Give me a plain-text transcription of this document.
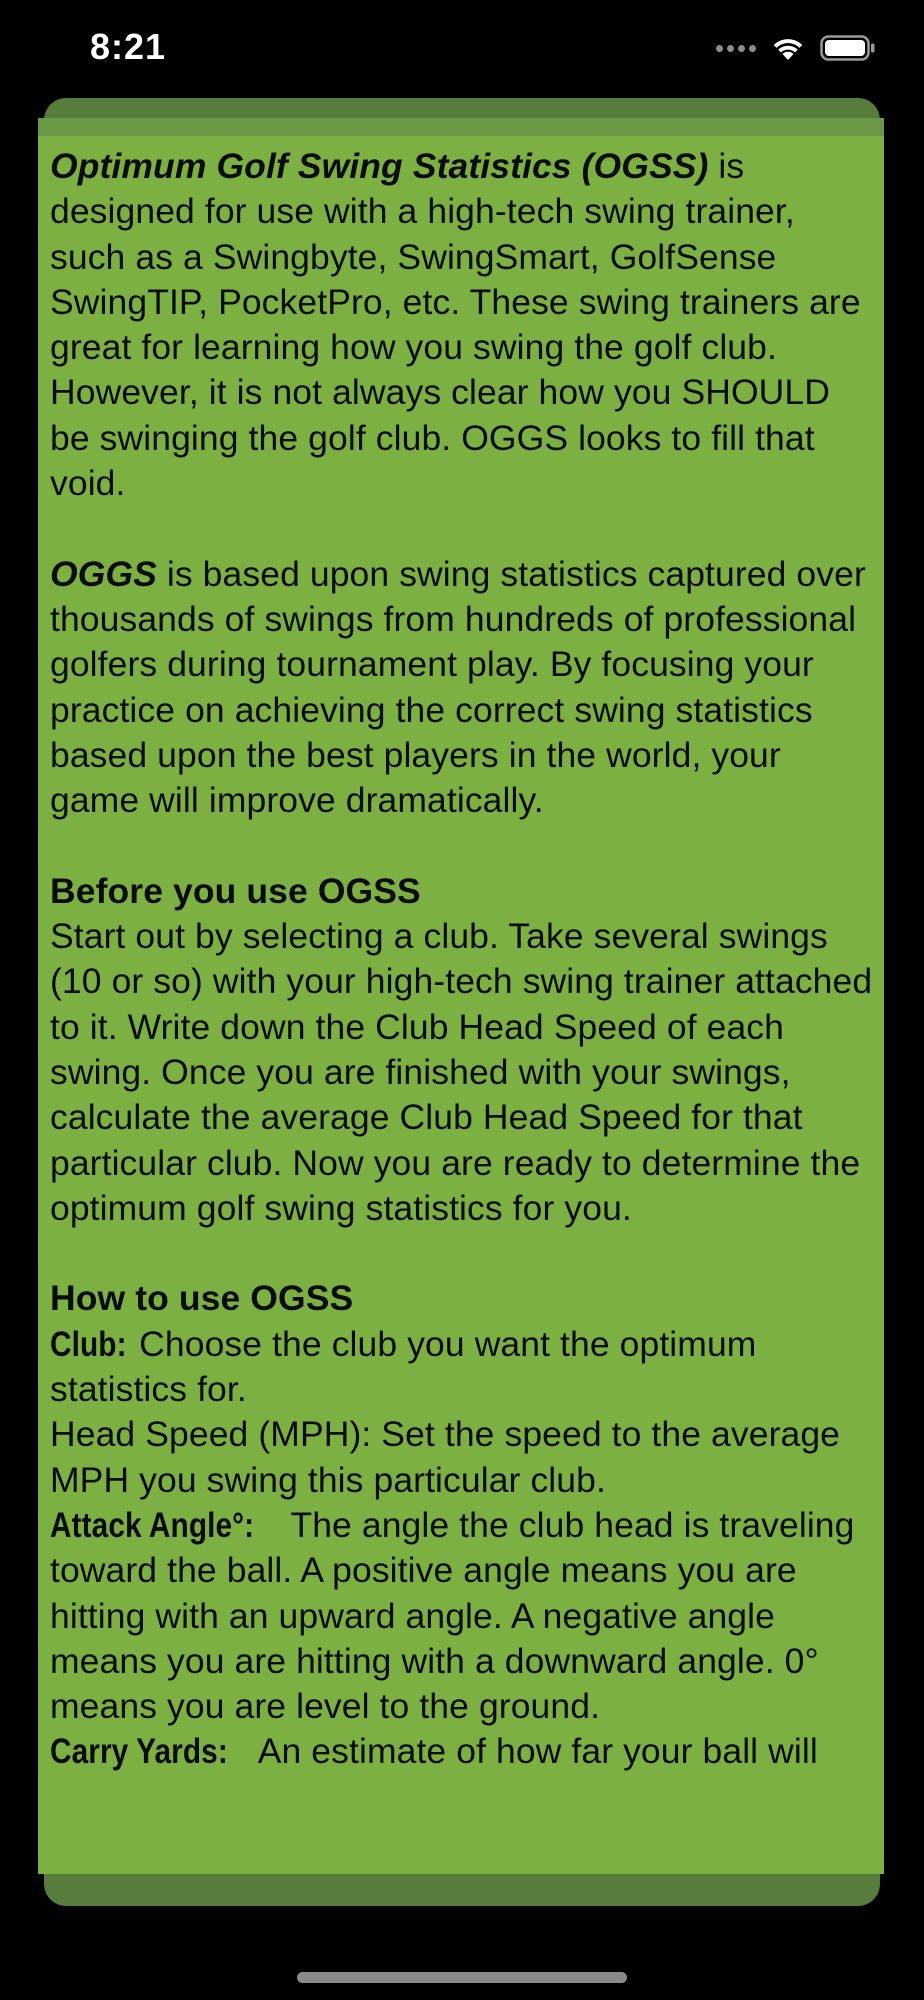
8:21

Optimum Golf Swing Statistics (OGSS) is designed for use with a high-tech swing trainer, such as a Swingbyte, SwingSmart, GolfSense SwingTIP, PocketPro, etc. These swing trainers are great for learning how you swing the golf club. However, it is not always clear how you SHOULD be swinging the golf club. OGGS looks to fill that void.

OGGS is based upon swing statistics captured over thousands of swings from hundreds of professional golfers during tournament play. By focusing your practice on achieving the correct swing statistics based upon the best players in the world, your game will improve dramatically.

Before you use OGSS
Start out by selecting a club. Take several swings (10 or so) with your high-tech swing trainer attached to it. Write down the Club Head Speed of each swing. Once you are finished with your swings, calculate the average Club Head Speed for that particular club. Now you are ready to determine the optimum golf swing statistics for you.

How to use OGSS
Club: Choose the club you want the optimum statistics for.
Head Speed (MPH): Set the speed to the average MPH you swing this particular club.
Attack Angle°: The angle the club head is traveling toward the ball. A positive angle means you are hitting with an upward angle. A negative angle means you are hitting with a downward angle. 0° means you are level to the ground.
Carry Yards: An estimate of how far your ball will
